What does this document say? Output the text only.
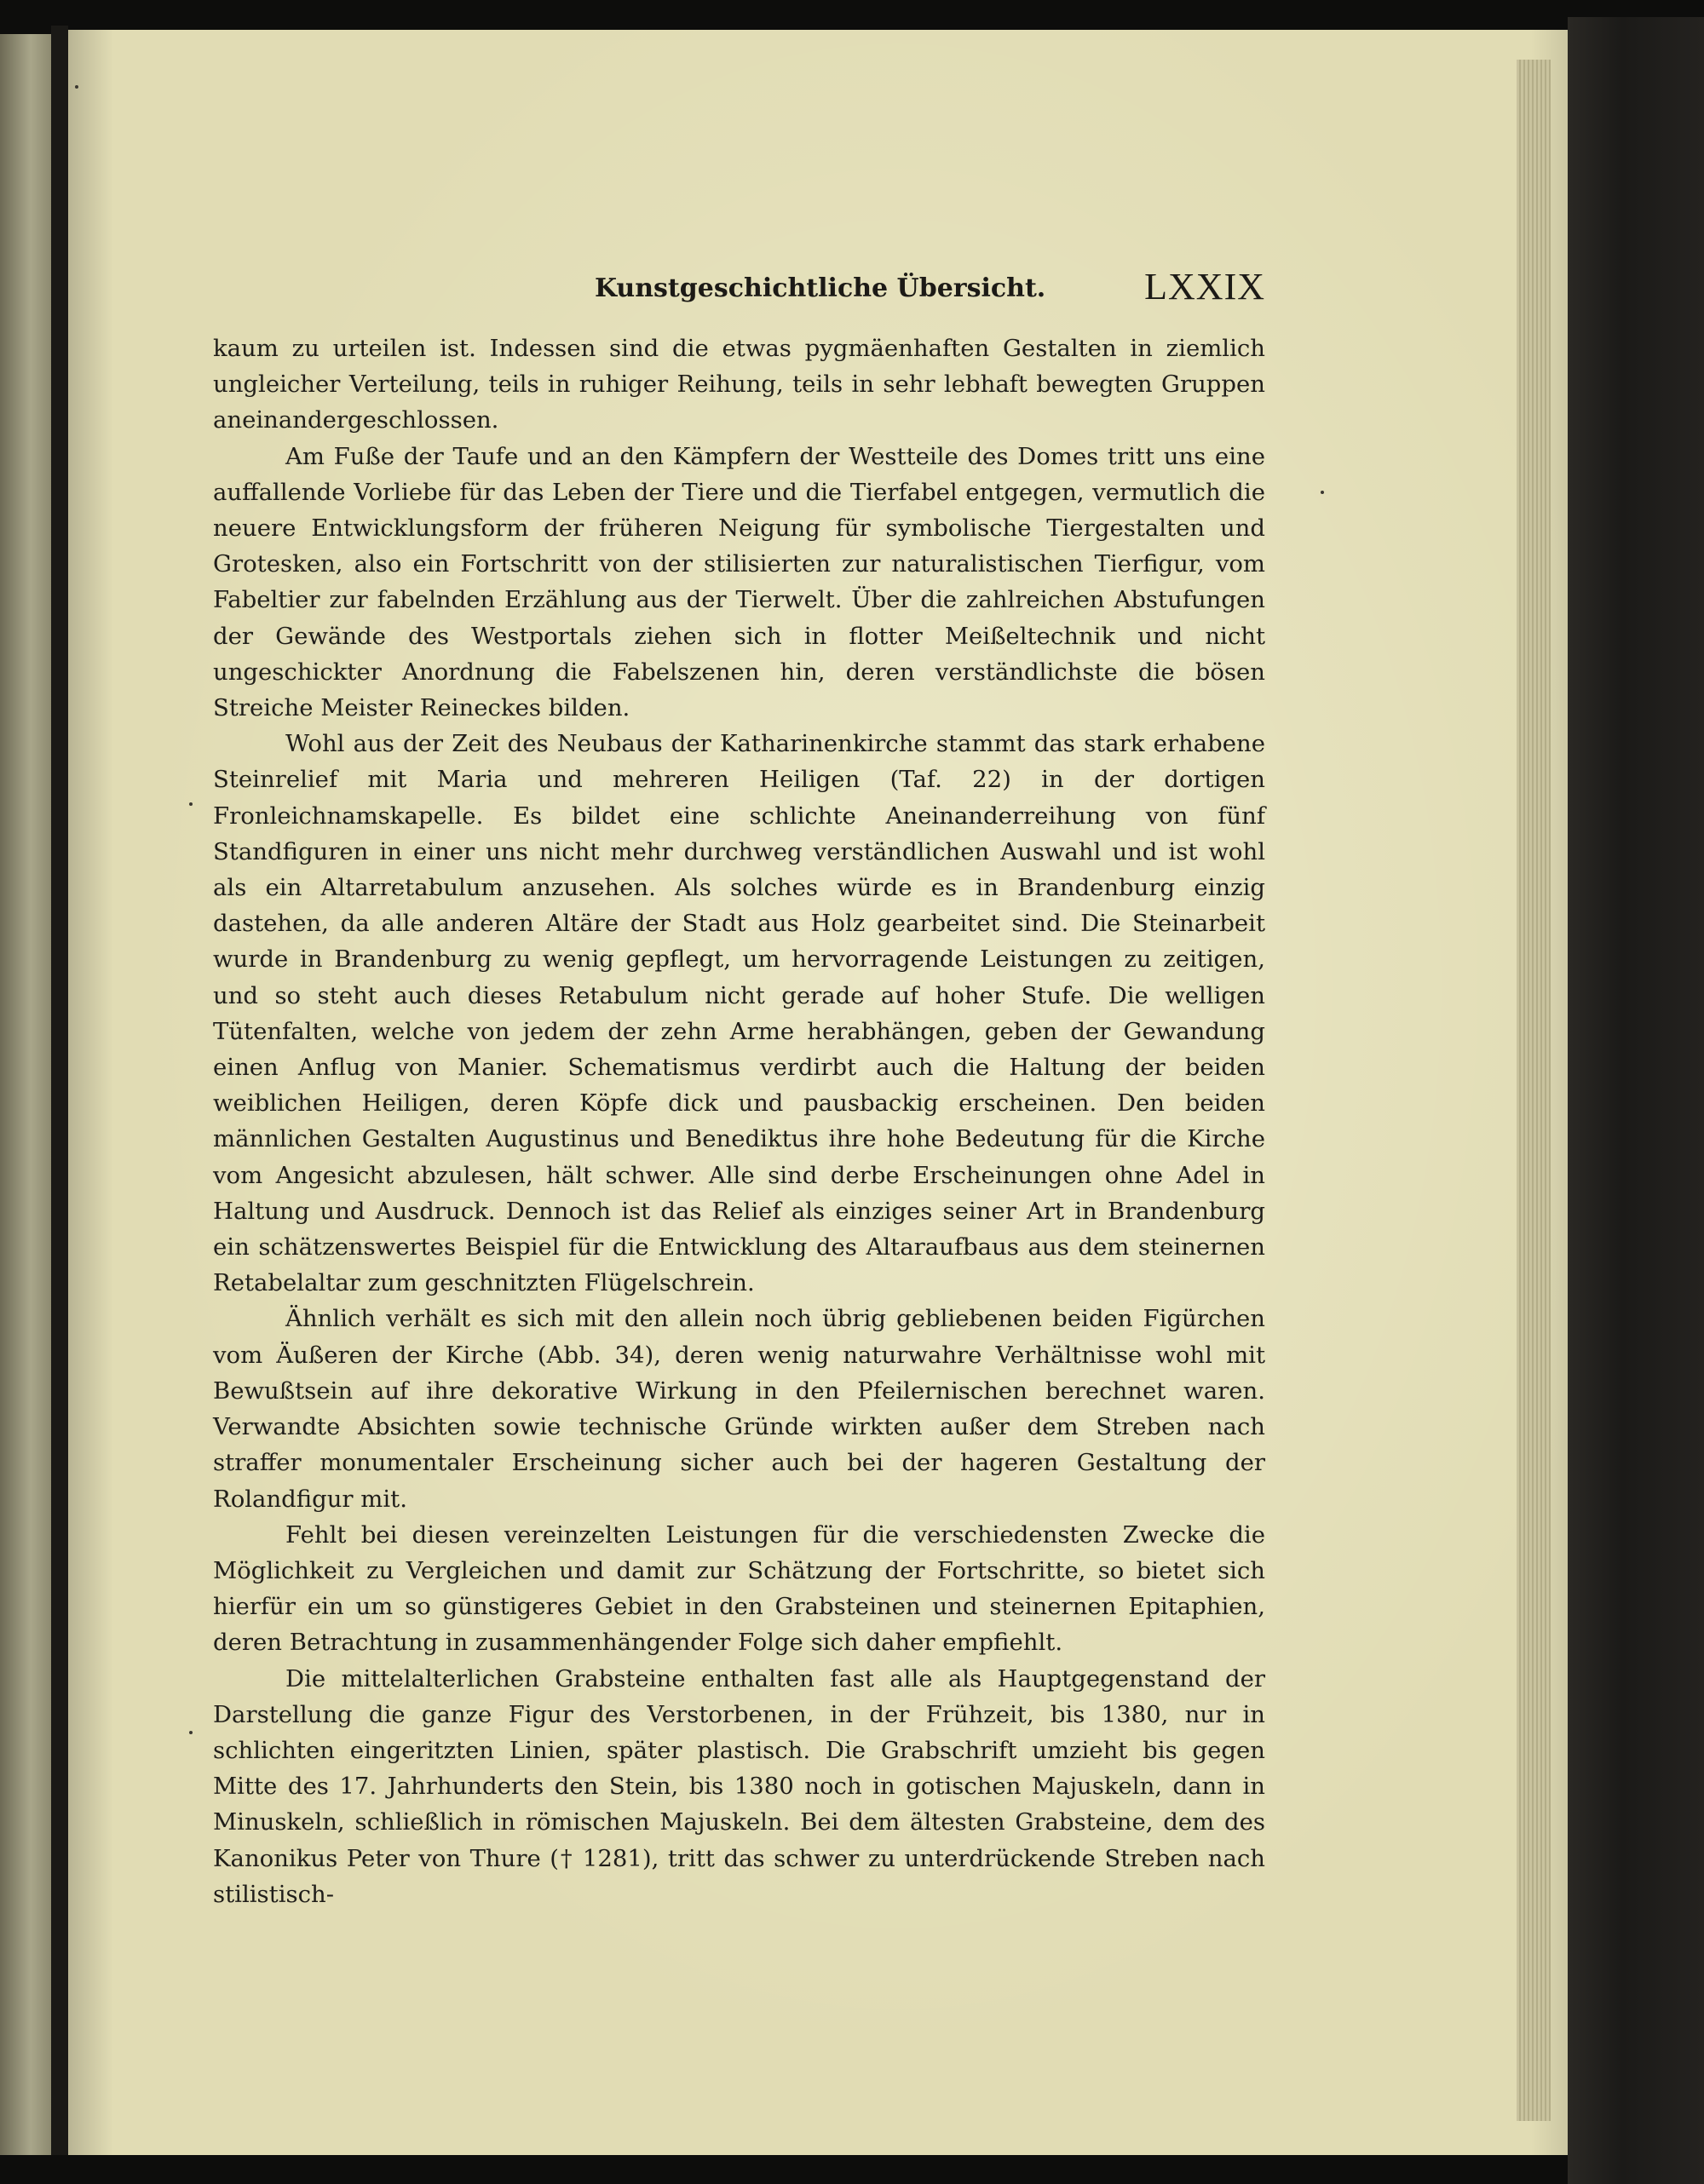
Kunstgeschichtliche Übersicht.	LXXIX

kaum zu urteilen ist. Indessen sind die etwas pygmäenhaften Gestalten in ziemlich ungleicher Verteilung, teils in ruhiger Reihung, teils in sehr lebhaft bewegten Gruppen aneinandergeschlossen.

Am Fuße der Taufe und an den Kämpfern der Westteile des Domes tritt uns eine auffallende Vorliebe für das Leben der Tiere und die Tierfabel entgegen, vermutlich die neuere Entwicklungsform der früheren Neigung für symbolische Tiergestalten und Grotesken, also ein Fortschritt von der stilisierten zur naturalistischen Tierfigur, vom Fabeltier zur fabelnden Erzählung aus der Tierwelt. Über die zahlreichen Abstufungen der Gewände des Westportals ziehen sich in flotter Meißeltechnik und nicht ungeschickter Anordnung die Fabelszenen hin, deren verständlichste die bösen Streiche Meister Reineckes bilden.

Wohl aus der Zeit des Neubaus der Katharinenkirche stammt das stark erhabene Steinrelief mit Maria und mehreren Heiligen (Taf. 22) in der dortigen Fronleichnamskapelle. Es bildet eine schlichte Aneinanderreihung von fünf Standfiguren in einer uns nicht mehr durchweg verständlichen Auswahl und ist wohl als ein Altarretabulum anzusehen. Als solches würde es in Brandenburg einzig dastehen, da alle anderen Altäre der Stadt aus Holz gearbeitet sind. Die Steinarbeit wurde in Brandenburg zu wenig gepflegt, um hervorragende Leistungen zu zeitigen, und so steht auch dieses Retabulum nicht gerade auf hoher Stufe. Die welligen Tütenfalten, welche von jedem der zehn Arme herabhängen, geben der Gewandung einen Anflug von Manier. Schematismus verdirbt auch die Haltung der beiden weiblichen Heiligen, deren Köpfe dick und pausbackig erscheinen. Den beiden männlichen Gestalten Augustinus und Benediktus ihre hohe Bedeutung für die Kirche vom Angesicht abzulesen, hält schwer. Alle sind derbe Erscheinungen ohne Adel in Haltung und Ausdruck. Dennoch ist das Relief als einziges seiner Art in Brandenburg ein schätzenswertes Beispiel für die Entwicklung des Altaraufbaus aus dem steinernen Retabelaltar zum geschnitzten Flügelschrein.

Ähnlich verhält es sich mit den allein noch übrig gebliebenen beiden Figürchen vom Äußeren der Kirche (Abb. 34), deren wenig naturwahre Verhältnisse wohl mit Bewußtsein auf ihre dekorative Wirkung in den Pfeilernischen berechnet waren. Verwandte Absichten sowie technische Gründe wirkten außer dem Streben nach straffer monumentaler Erscheinung sicher auch bei der hageren Gestaltung der Rolandfigur mit.

Fehlt bei diesen vereinzelten Leistungen für die verschiedensten Zwecke die Möglichkeit zu Vergleichen und damit zur Schätzung der Fortschritte, so bietet sich hierfür ein um so günstigeres Gebiet in den Grabsteinen und steinernen Epitaphien, deren Betrachtung in zusammenhängender Folge sich daher empfiehlt.

Die mittelalterlichen Grabsteine enthalten fast alle als Hauptgegenstand der Darstellung die ganze Figur des Verstorbenen, in der Frühzeit, bis 1380, nur in schlichten eingeritzten Linien, später plastisch. Die Grabschrift umzieht bis gegen Mitte des 17. Jahrhunderts den Stein, bis 1380 noch in gotischen Majuskeln, dann in Minuskeln, schließlich in römischen Majuskeln. Bei dem ältesten Grabsteine, dem des Kanonikus Peter von Thure († 1281), tritt das schwer zu unterdrückende Streben nach stilistisch-
